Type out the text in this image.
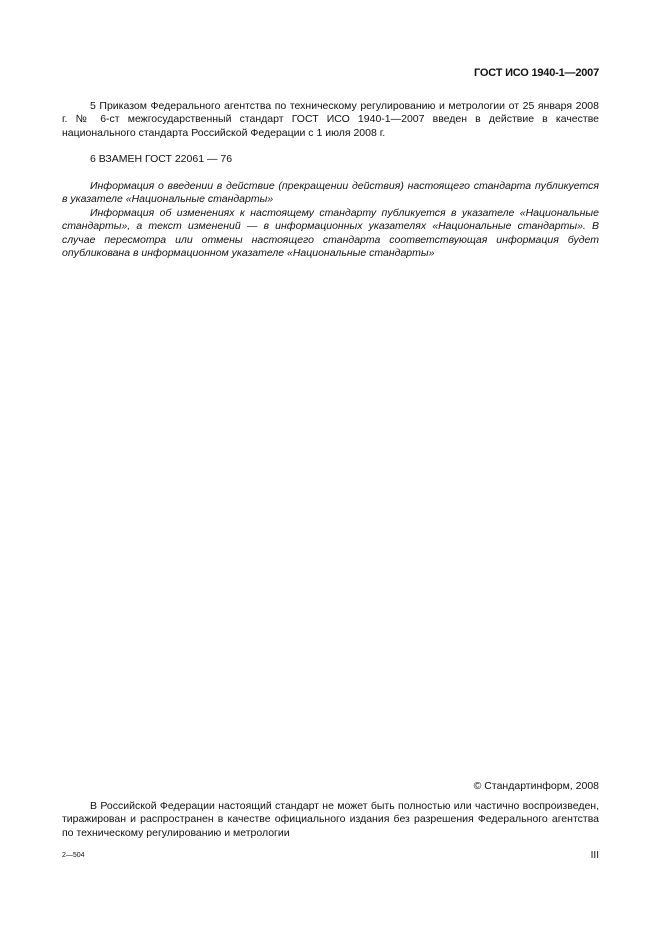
ГОСТ ИСО 1940-1—2007

5 Приказом Федерального агентства по техническому регулированию и метрологии от 25 января 2008 г. № 6-ст межгосударственный стандарт ГОСТ ИСО 1940-1—2007 введен в действие в качестве национального стандарта Российской Федерации с 1 июля 2008 г.

6 ВЗАМЕН ГОСТ 22061 — 76

Информация о введении в действие (прекращении действия) настоящего стандарта публикуется в указателе «Национальные стандарты»

Информация об изменениях к настоящему стандарту публикуется в указателе «Национальные стандарты», а текст изменений — в информационных указателях «Национальные стандарты». В случае пересмотра или отмены настоящего стандарта соответствующая информация будет опубликована в информационном указателе «Национальные стандарты»

© Стандартинформ, 2008

В Российской Федерации настоящий стандарт не может быть полностью или частично воспроизведен, тиражирован и распространен в качестве официального издания без разрешения Федерального агентства по техническому регулированию и метрологии

2—504	III
